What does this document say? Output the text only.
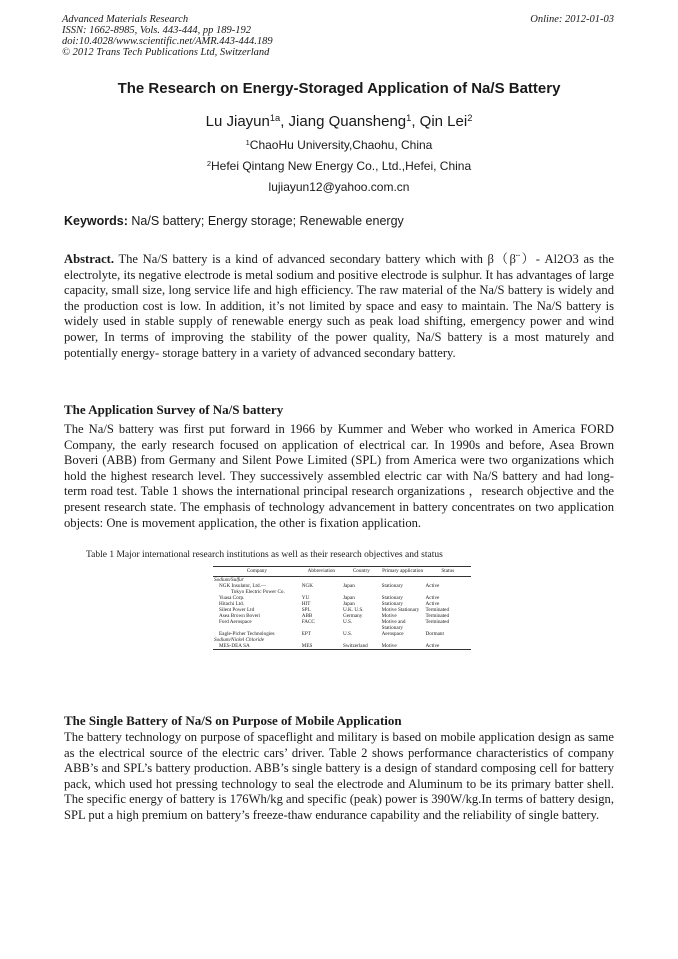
Advanced Materials Research
ISSN: 1662-8985, Vols. 443-444, pp 189-192
doi:10.4028/www.scientific.net/AMR.443-444.189
© 2012 Trans Tech Publications Ltd, Switzerland
Online: 2012-01-03
The Research on Energy-Storaged Application of Na/S Battery
Lu Jiayun$^{1a}$, Jiang Quansheng$^1$, Qin Lei$^2$
$^1$ChaoHu University,Chaohu, China
$^2$Hefei Qintang New Energy Co., Ltd.,Hefei, China
lujiayun12@yahoo.com.cn
Keywords: Na/S battery; Energy storage; Renewable energy

Abstract. The Na/S battery is a kind of advanced secondary battery which with β（β¨）- Al2O3 as the electrolyte, its negative electrode is metal sodium and positive electrode is sulphur. It has advantages of large capacity, small size, long service life and high efficiency. The raw material of the Na/S battery is widely and the production cost is low. In addition, it’s not limited by space and easy to maintain. The Na/S battery is widely used in stable supply of renewable energy such as peak load shifting, emergency power and wind power, In terms of improving the stability of the power quality, Na/S battery is a most maturely and potentially energy- storage battery in a variety of advanced secondary battery.

The Application Survey of Na/S battery

The Na/S battery was first put forward in 1966 by Kummer and Weber who worked in America FORD Company, the early research focused on application of electrical car. In 1990s and before, Asea Brown Boveri (ABB) from Germany and Silent Powe Limited (SPL) from America were two organizations which hold the highest research level. They successively assembled electric car with Na/S battery and had long-term road test. Table 1 shows the international principal research organizations ，research objective and the present research state. The emphasis of technology advancement in battery concentrates on two application objects: One is movement application, the other is fixation application.

Table 1 Major international research institutions as well as their research objectives and status
Company	Abbreviation	Country	Primary application	Status
Sodium/Sulfur				
NGK Insulator, Ltd.—
Tokyo Electric Power Co.	NGK	Japan	Stationary	Active
Yuasa Corp.	YU	Japan	Stationary	Active
Hitachi Ltd.	HIT	Japan	Stationary	Active
Silent Power Ltd	SPL	U.K. U.S.	Motive Stationary	Terminated
Asea Brown Boveri	ABB	Germany	Motive	Terminated
Ford Aerospace	FACC	U.S.	Motive and Stationary	Terminated
Eagle-Picher Technologies	EPT	U.S.	Aerospace	Dormant
Sodium/Nickel Chloride				
MES-DEA SA	MES	Switzerland	Motive	Active
The Single Battery of Na/S on Purpose of Mobile Application

The battery technology on purpose of spaceflight and military is based on mobile application design as same as the electrical source of the electric cars’ driver. Table 2 shows performance characteristics of company ABB’s and SPL’s battery production. ABB’s single battery is a design of standard composing cell for battery pack, which used hot pressing technology to seal the electrode and Aluminum to be its primary batter shell. The specific energy of battery is 176Wh/kg and specific (peak) power is 390W/kg.In terms of battery design, SPL put a high premium on battery’s freeze-thaw endurance capability and the reliability of single battery.
